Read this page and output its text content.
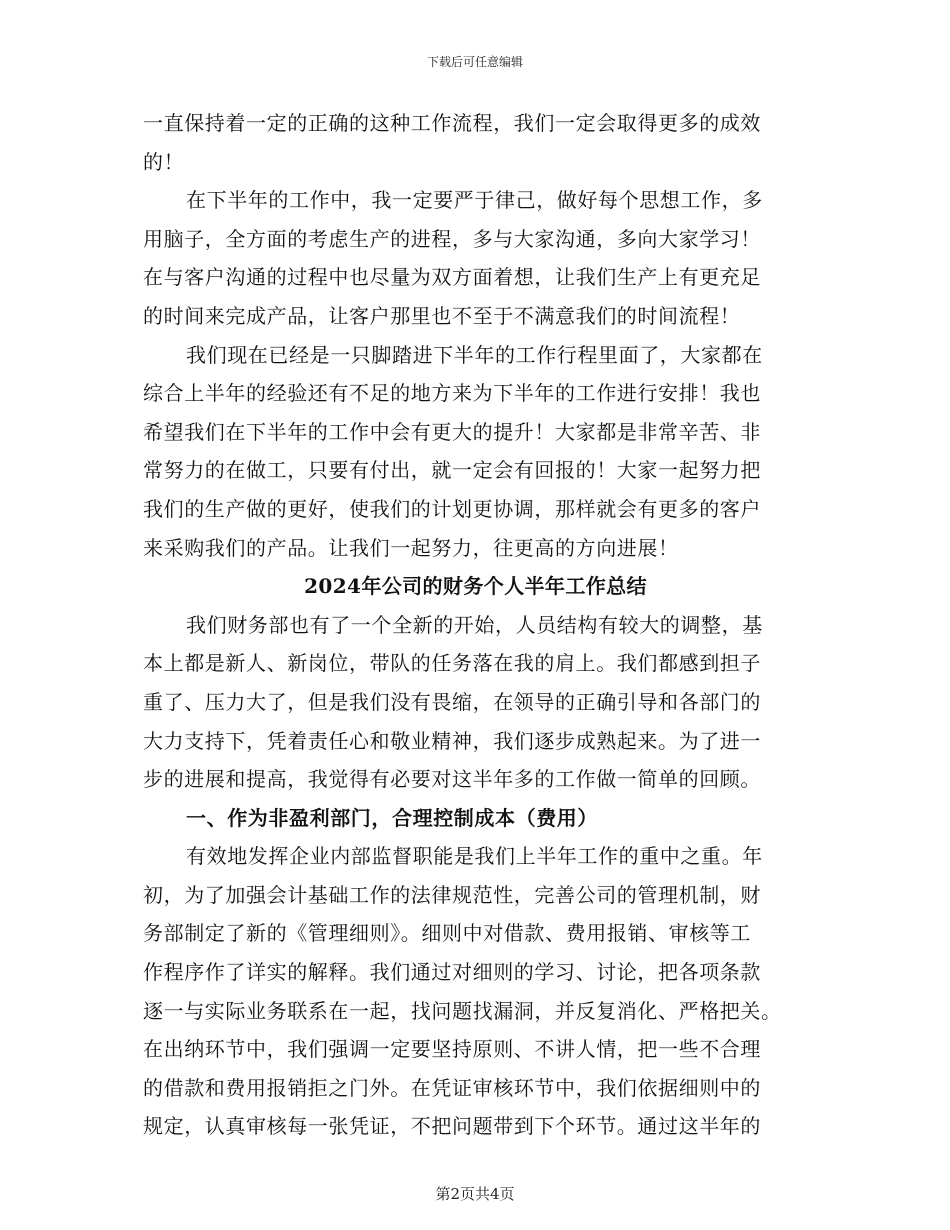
下载后可任意编辑
一直保持着一定的正确的这种工作流程，我们一定会取得更多的成效
的！
在下半年的工作中，我一定要严于律己，做好每个思想工作，多
用脑子，全方面的考虑生产的进程，多与大家沟通，多向大家学习！
在与客户沟通的过程中也尽量为双方面着想，让我们生产上有更充足
的时间来完成产品，让客户那里也不至于不满意我们的时间流程！
我们现在已经是一只脚踏进下半年的工作行程里面了，大家都在
综合上半年的经验还有不足的地方来为下半年的工作进行安排！我也
希望我们在下半年的工作中会有更大的提升！大家都是非常辛苦、非
常努力的在做工，只要有付出，就一定会有回报的！大家一起努力把
我们的生产做的更好，使我们的计划更协调，那样就会有更多的客户
来采购我们的产品。让我们一起努力，往更高的方向进展！
2024年公司的财务个人半年工作总结
我们财务部也有了一个全新的开始，人员结构有较大的调整，基
本上都是新人、新岗位，带队的任务落在我的肩上。我们都感到担子
重了、压力大了，但是我们没有畏缩，在领导的正确引导和各部门的
大力支持下，凭着责任心和敬业精神，我们逐步成熟起来。为了进一
步的进展和提高，我觉得有必要对这半年多的工作做一简单的回顾。
一、作为非盈利部门，合理控制成本（费用）
有效地发挥企业内部监督职能是我们上半年工作的重中之重。年
初，为了加强会计基础工作的法律规范性，完善公司的管理机制，财
务部制定了新的《管理细则》。细则中对借款、费用报销、审核等工
作程序作了详实的解释。我们通过对细则的学习、讨论，把各项条款
逐一与实际业务联系在一起，找问题找漏洞，并反复消化、严格把关。
在出纳环节中，我们强调一定要坚持原则、不讲人情，把一些不合理
的借款和费用报销拒之门外。在凭证审核环节中，我们依据细则中的
规定，认真审核每一张凭证，不把问题带到下个环节。通过这半年的
第2页共4页
